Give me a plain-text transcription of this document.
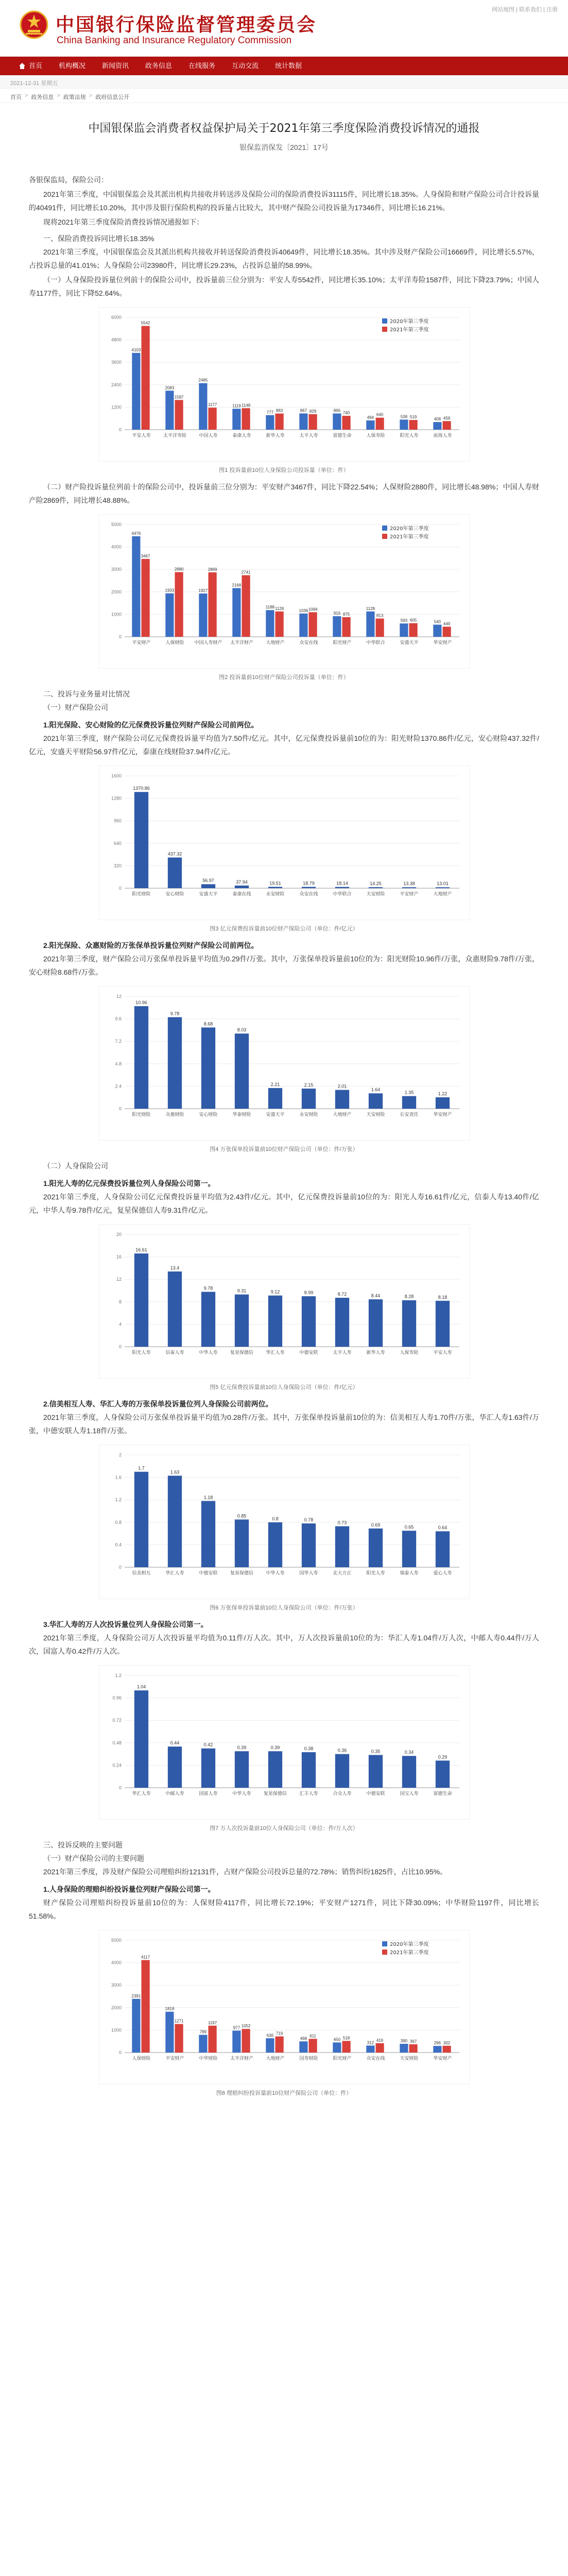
中国银行保险监督管理委员会
China Banking and Insurance Regulatory Commission
网站地图 | 联系我们 | 注册
首页	机构概况	新闻资讯	政务信息	在线服务	互动交流	统计数据
2021-12-31 星期五
首页 > 政务信息 > 政策法规 > 政府信息公开
中国银保监会消费者权益保护局关于2021年第三季度保险消费投诉情况的通报
银保监消保发〔2021〕17号

各银保监局，保险公司：

2021年第三季度，中国银保监会及其派出机构共接收并转送涉及保险公司的保险消费投诉31115件，同比增长18.35%。人身保险和财产保险公司合计投诉量的40491件，同比增长10.20%，其中涉及银行保险机构的投诉量占比较大，其中财产保险公司投诉量为17346件，同比增长16.21%。

现将2021年第三季度保险消费投诉情况通报如下：

一、保险消费投诉同比增长18.35%

2021年第三季度，中国银保监会及其派出机构共接收并转送保险消费投诉40649件，同比增长18.35%。其中涉及财产保险公司16669件，同比增长5.57%，占投诉总量的41.01%；人身保险公司23980件，同比增长29.23%，占投诉总量的58.99%。

（一）人身保险投诉量位列前十的保险公司中，投诉量前三位分别为：平安人寿5542件，同比增长35.10%；太平洋寿险1587件，同比下降23.79%；中国人寿1177件，同比下降52.64%。

0
1200
2400
3600
4800
6000
4103
5542
平安人寿
2083
1587
太平洋寿险
2485
1177
中国人寿
1119 1148
泰康人寿
777 863
新华人寿
867 829
太平人寿
866
740
富德生命
494
640
人保寿险
538 519
阳光人寿
408 459
前海人寿
2020年第三季度
2021年第三季度
图1 投诉量前10位人身保险公司投诉量（单位：件）

（二）财产险投诉量位列前十的保险公司中，投诉量前三位分别为：平安财产3467件，同比下降22.54%；人保财险2880件，同比增长48.98%；中国人寿财产险2869件，同比增长48.88%。

0
1000
2000
3000
4000
5000
4476
3467
平安财产
1933
2880
人保财险
1927
2869
中国人寿财产
2168
2741
太平洋财产
1188 1128
大地财产
1036 1094
众安在线
916 875
阳光财产
1128
813
中华联合
593 605
安盛天平
540 449
华安财产
2020年第三季度
2021年第三季度
图2 投诉量前10位财产保险公司投诉量（单位：件）

二、投诉与业务量对比情况

（一）财产保险公司

1.阳光保险、安心财险的亿元保费投诉量位列财产保险公司前两位。

2021年第三季度，财产保险公司亿元保费投诉量平均值为7.50件/亿元。其中，亿元保费投诉量前10位的为：阳光财险1370.86件/亿元，安心财险437.32件/亿元，安盛天平财险56.97件/亿元，泰康在线财险37.94件/亿元。

0
320
640
960
1280
1600
1370.86
阳光财险
437.32
安心财险
56.97
安盛天平
37.94
泰康在线
19.51
永安财险
18.79
众安在线
18.14
中华联合
14.25
天安财险
13.38
平安财产
13.01
大地财产
图3 亿元保费投诉量前10位财产保险公司（单位：件/亿元）

2.阳光保险、众惠财险的万张保单投诉量位列财产保险公司前两位。

2021年第三季度，财产保险公司万张保单投诉量平均值为0.29件/万张。其中，万张保单投诉量前10位的为：阳光财险10.96件/万张，众惠财险9.78件/万张，安心财险8.68件/万张。

0
2.4
4.8
7.2
9.6
12
10.96
阳光财险
9.78
众惠财险
8.68
安心财险
8.03
华泰财险
2.21
安盛天平
2.15
永安财险
2.01
大地财产
1.64
天安财险
1.35
长安责任
1.22
华安财产
图4 万张保单投诉量前10位财产保险公司（单位：件/万张）

（二）人身保险公司

1.阳光人寿的亿元保费投诉量位列人身保险公司第一。

2021年第三季度，人身保险公司亿元保费投诉量平均值为2.43件/亿元。其中，亿元保费投诉量前10位的为：阳光人寿16.61件/亿元，信泰人寿13.40件/亿元，中华人寿9.78件/亿元，复星保德信人寿9.31件/亿元。

0
4
8
12
16
20
16.61
阳光人寿
13.4
信泰人寿
9.78
中华人寿
9.31
复星保德信
9.12
华汇人寿
8.99
中德安联
8.72
太平人寿
8.44
新华人寿
8.28
人保寿险
8.18
平安人寿
图5 亿元保费投诉量前10位人身保险公司（单位：件/亿元）

2.信美相互人寿、华汇人寿的万张保单投诉量位列人身保险公司前两位。

2021年第三季度，人身保险公司万张保单投诉量平均值为0.28件/万张。其中，万张保单投诉量前10位的为：信美相互人寿1.70件/万张，华汇人寿1.63件/万张，中德安联人寿1.18件/万张。

0
0.4
0.8
1.2
1.6
2
1.7
信美相互
1.63
华汇人寿
1.18
中德安联
0.85
复星保德信
0.8
中华人寿
0.78
国华人寿
0.73
北大方正
0.69
阳光人寿
0.65
瑞泰人寿
0.64
爱心人寿
图6 万张保单投诉量前10位人身保险公司（单位：件/万张）

3.华汇人寿的万人次投诉量位列人身保险公司第一。

2021年第三季度，人身保险公司万人次投诉量平均值为0.11件/万人次。其中，万人次投诉量前10位的为：华汇人寿1.04件/万人次，中邮人寿0.44件/万人次，国富人寿0.42件/万人次。

0
0.24
0.48
0.72
0.96
1.2
1.04
华汇人寿
0.44
中邮人寿
0.42
国富人寿
0.39
中华人寿
0.39
复星保德信
0.38
汇丰人寿
0.36
合众人寿
0.35
中德安联
0.34
国宝人寿
0.29
富德生命
图7 万人次投诉量前10位人身保险公司（单位：件/万人次）

三、投诉反映的主要问题

（一）财产保险公司的主要问题

2021年第三季度，涉及财产保险公司理赔纠纷12131件，占财产保险公司投诉总量的72.78%；销售纠纷1825件，占比10.95%。

1.人身保险的理赔纠纷投诉量位列财产保险公司第一。

财产保险公司理赔纠纷投诉量前10位的为：人保财险4117件，同比增长72.19%；平安财产1271件，同比下降30.09%；中华财险1197件，同比增长51.58%。

0
1000
2000
3000
4000
5000
2391
4117
人保财险
1818
1271
平安财产
789
1197
中华财险
977 1052
太平洋财产
636 719
大地财产
498
611
国寿财险
450 518
阳光财产
312
416
众安在线
390 367
天安财险
296 302
华安财产
2020年第三季度
2021年第三季度
图8 理赔纠纷投诉量前10位财产保险公司（单位：件）
